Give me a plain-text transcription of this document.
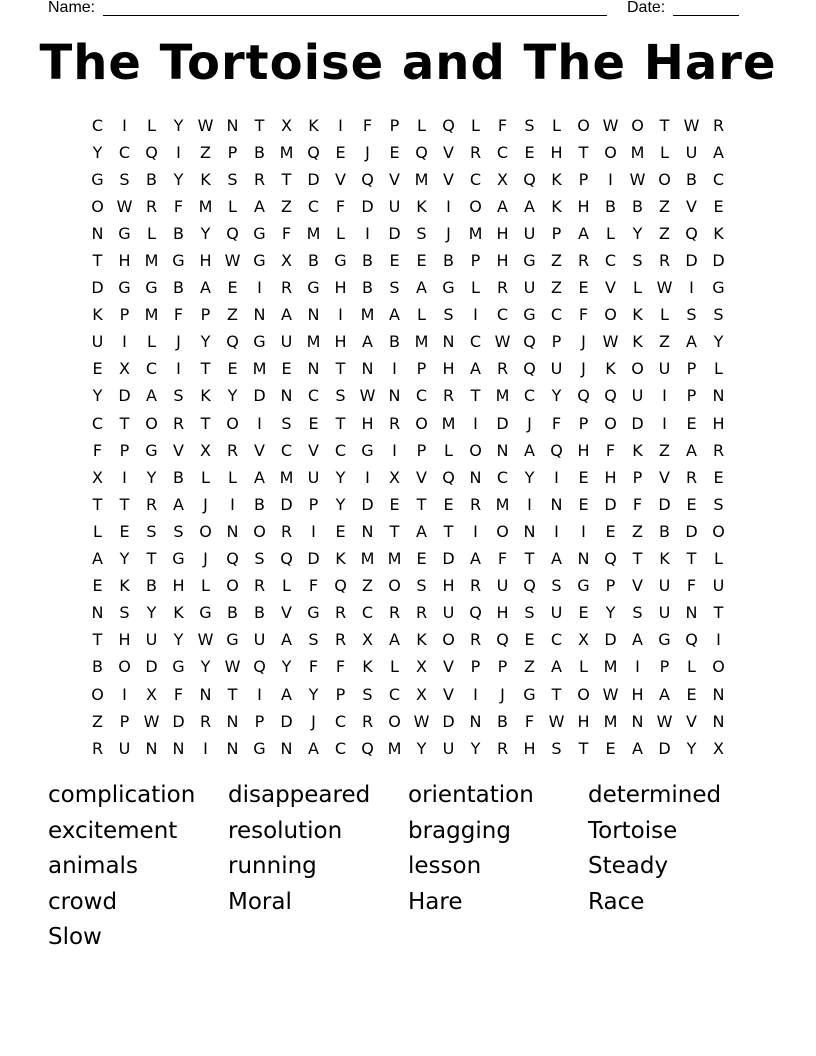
Name:	Date:
The Tortoise and The Hare
C	I	L	Y W N	T	X	K	I	F	P	L	Q	L	F	S	L	O W O T W R
Y	C Q	I	Z	P	B M Q E	J	E Q V R C	E H	T O M L	U A
G S	B	Y	K	S	R	T D V Q V M V C X Q K	P	I	W O B C
O W R	F M L	A	Z C	F	D U K	I	O A	A	K H B	B	Z	V	E
N G	L	B	Y Q G	F M L	I	D S	J	M H U	P	A	L	Y	Z Q K
T	H M G H W G X	B G B	E	E	B	P	H G Z R C	S	R D D
D G G B	A	E	I	R G H B	S	A G	L	R U Z	E	V	L W	I	G
K	P M F	P	Z N A N	I	M A	L	S	I	C G C	F	O K	L	S	S
U	I	L	J	Y Q G U M H A	B M N C W Q P	J	W K	Z	A	Y
E	X C	I	T	E M E N	T	N	I	P	H A R Q U	J	K O U	P	L
Y D A	S	K	Y D N C	S W N C R	T M C	Y Q Q U	I	P	N
C	T O R	T O	I	S	E	T	H R O M	I	D	J	F	P O D	I	E H
F	P G V	X R V C V C G	I	P	L	O N A Q H	F	K	Z	A R
X	I	Y	B	L	L	A M U	Y	I	X	V Q N C	Y	I	E H	P	V R	E
T	T	R A	J	I	B D	P	Y D E	T	E	R M	I	N E D	F	D E	S
L	E	S	S O N O R	I	E N	T	A	T	I	O N	I	I	E	Z	B D O
A	Y	T G	J	Q S Q D K M M E D A	F	T	A N Q T	K	T	L
E	K	B H	L	O R	L	F	Q Z O S H R U Q S G P	V U	F	U
N S	Y	K G B	B	V G R C R R U Q H S	U	E	Y	S	U N	T
T	H U	Y W G U A	S	R X	A	K O R Q E	C X D A G Q	I
B O D G Y W Q Y	F	F	K	L	X	V	P	P	Z	A	L M	I	P	L	O
O	I	X	F	N	T	I	A	Y	P	S	C X	V	I	J	G T O W H A	E N
Z	P W D R N	P	D	J	C R O W D N B	F W H M N W V N
R U N N	I	N G N A C Q M Y	U	Y	R H S	T	E	A D Y	X
complication	disappeared	orientation	determined
excitement	resolution	bragging	Tortoise
animals	running	lesson	Steady
crowd	Moral	Hare	Race
Slow
